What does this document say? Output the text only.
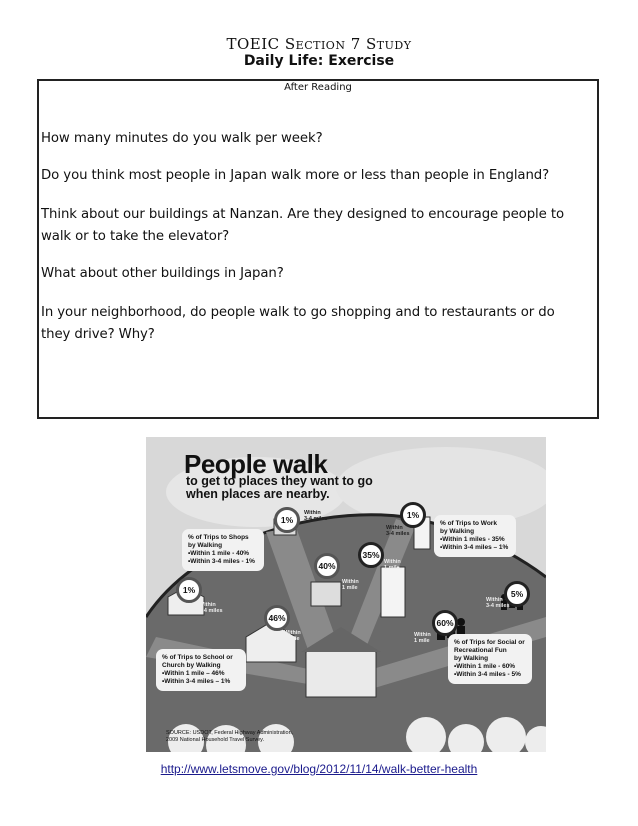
TOEIC Section 7 Study
Daily Life: Exercise
After Reading
How many minutes do you walk per week?
Do you think most people in Japan walk more or less than people in England?
Think about our buildings at Nanzan. Are they designed to encourage people to
walk or to take the elevator?
What about other buildings in Japan?
In your neighborhood, do people walk to go shopping and to restaurants or do
they drive? Why?
People walk
to get to places they want to go when places are nearby.
% of Trips to Shops
by Walking
•Within 1 mile - 40%
•Within 3-4 miles - 1%
% of Trips to Work
by Walking
•Within 1 miles - 35%
•Within 3-4 miles – 1%
% of Trips to School or
Church by Walking
•Within 1 mile – 46%
•Within 3-4 miles – 1%
% of Trips for Social or
Recreational Fun
by Walking
•Within 1 mile - 60%
•Within 3-4 miles - 5%
1%
40%
1%
35%
1%
46%
5%
60%
Within
3-4 miles
Within
3-4 miles
Within
3-4 miles
Within
3-4 miles
Within
1 mile
Within
1 mile
Within
1 mile
Within
1 mile
SOURCE: USDOT, Federal Highway Administration,
2009 National Household Travel Survey.
http://www.letsmove.gov/blog/2012/11/14/walk-better-health
